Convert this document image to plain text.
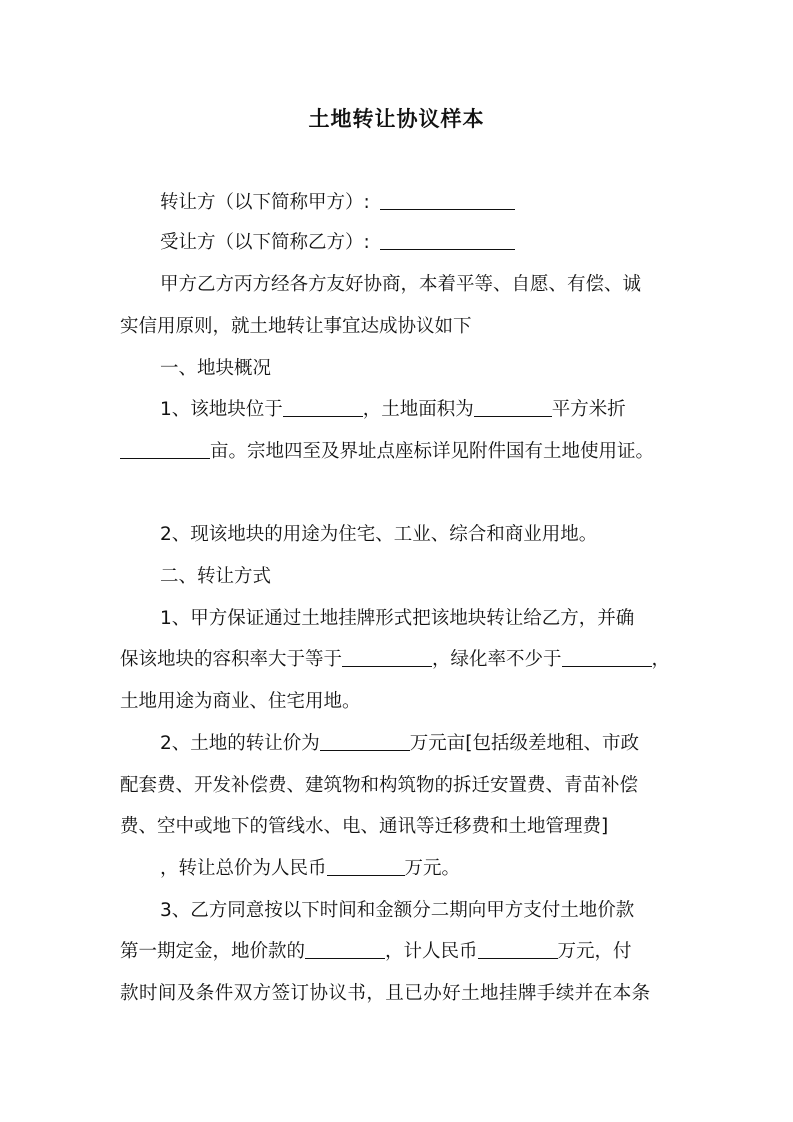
土地转让协议样本
转让方（以下简称甲方）:
受让方（以下简称乙方）:
甲方乙方丙方经各方友好协商，本着平等、自愿、有偿、诚
实信用原则，就土地转让事宜达成协议如下
一、地块概况
1、该地块位于	，土地面积为	平方米折
亩。宗地四至及界址点座标详见附件国有土地使用证。
2、现该地块的用途为住宅、工业、综合和商业用地。
二、转让方式
1、甲方保证通过土地挂牌形式把该地块转让给乙方，并确
保该地块的容积率大于等于	，绿化率不少于	，
土地用途为商业、住宅用地。
2、土地的转让价为	万元亩[包括级差地租、市政
配套费、开发补偿费、建筑物和构筑物的拆迁安置费、青苗补偿
费、空中或地下的管线水、电、通讯等迁移费和土地管理费]
，转让总价为人民币	万元。
3、乙方同意按以下时间和金额分二期向甲方支付土地价款
第一期定金，地价款的	，计人民币	万元，付
款时间及条件双方签订协议书，且已办好土地挂牌手续并在本条
